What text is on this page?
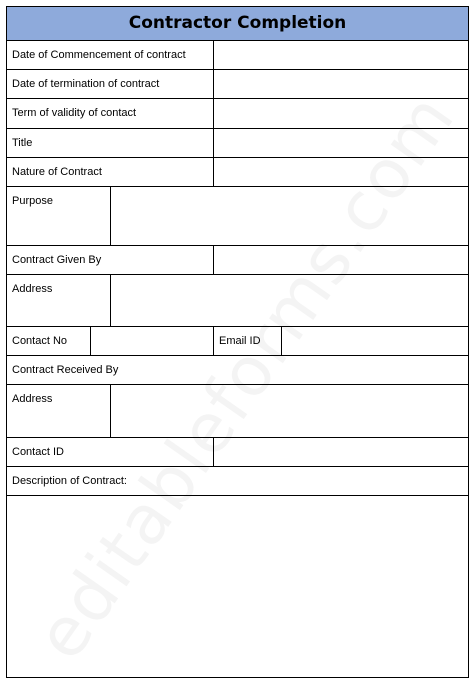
Contractor Completion				
Date of Commencement of contract				
Date of termination of contract				
Term of validity of contact				
Title				
Nature of Contract				
Purpose				
Contract Given By				
Address				
Contact No			Email ID	
Contract Received By				
Address				
Contact ID				
Description of Contract:				
